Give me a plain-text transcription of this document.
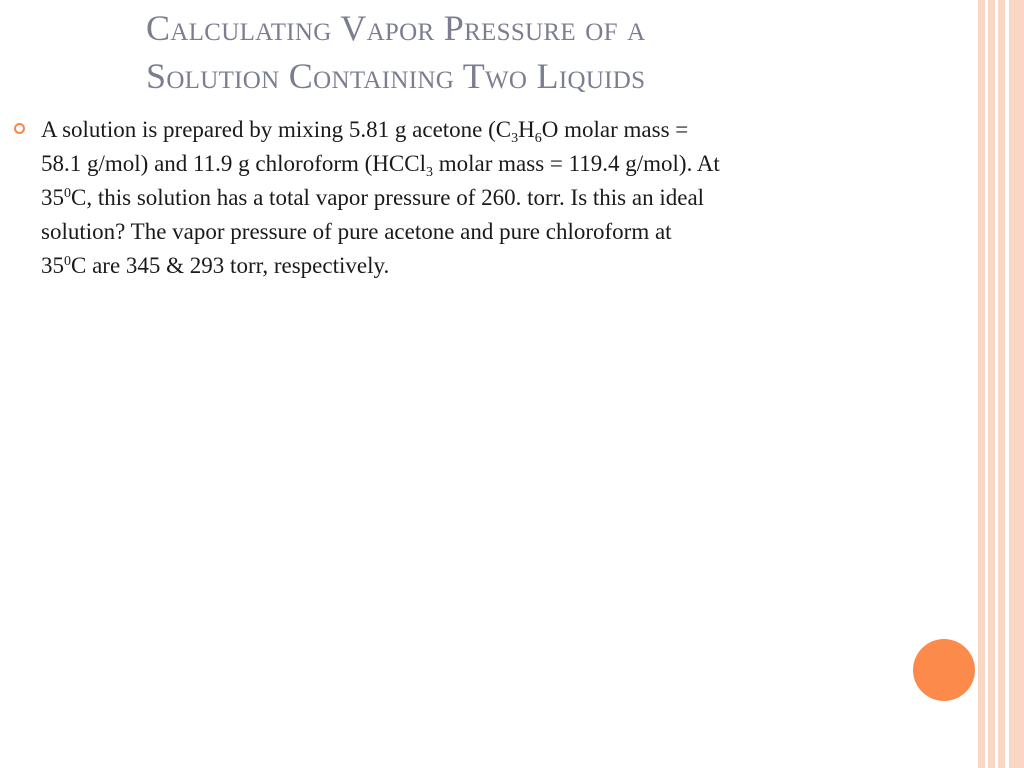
Calculating Vapor Pressure of a
Solution Containing Two Liquids
A solution is prepared by mixing 5.81 g acetone ($C_3H_6O$ molar mass =
58.1 g/mol) and 11.9 g chloroform (HCCl$_3$ molar mass = 119.4 g/mol). At
$35^0C$, this solution has a total vapor pressure of 260. torr. Is this an ideal
solution? The vapor pressure of pure acetone and pure chloroform at
$35^0C$ are 345 & 293 torr, respectively.
